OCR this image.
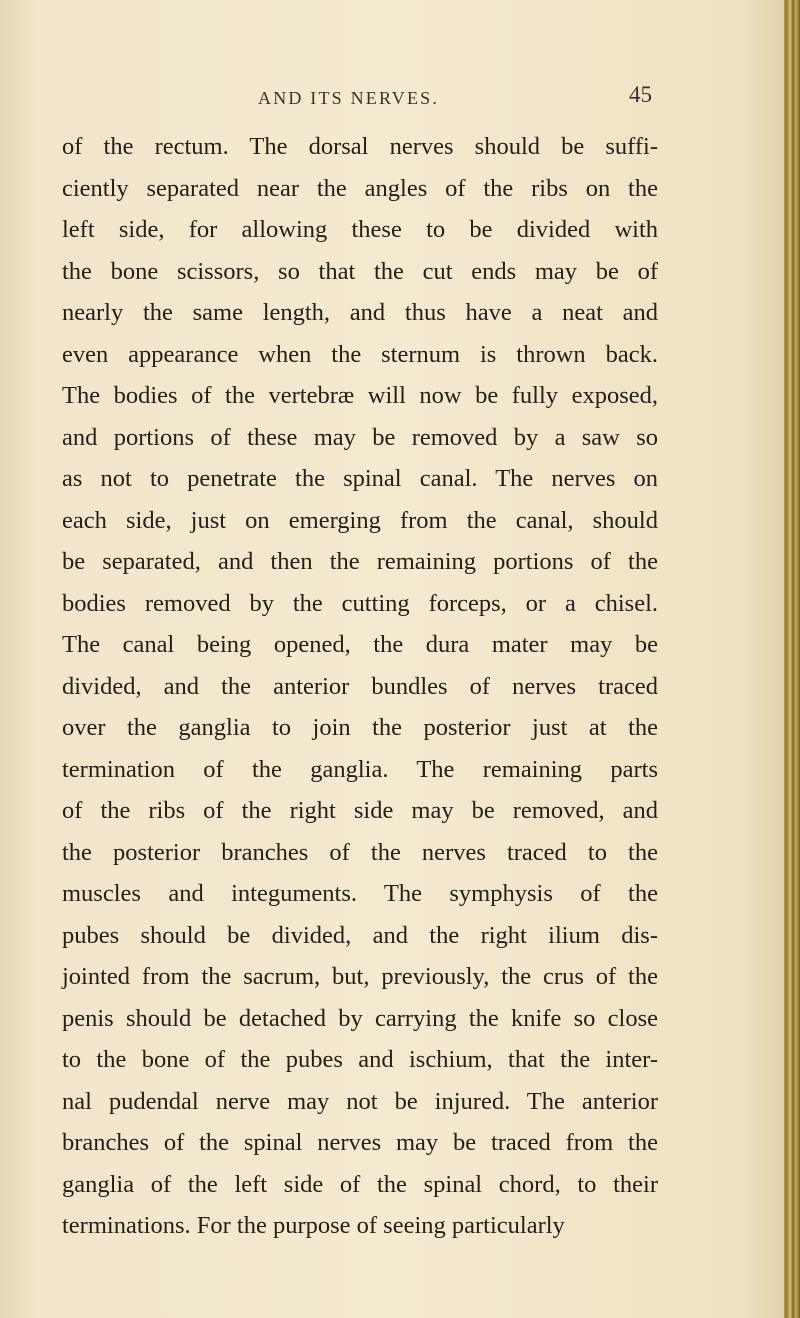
AND ITS NERVES.	45
of the rectum. The dorsal nerves should be suffi-
ciently separated near the angles of the ribs on the
left side, for allowing these to be divided with
the bone scissors, so that the cut ends may be of
nearly the same length, and thus have a neat and
even appearance when the sternum is thrown back.
The bodies of the vertebræ will now be fully exposed,
and portions of these may be removed by a saw so
as not to penetrate the spinal canal. The nerves on
each side, just on emerging from the canal, should
be separated, and then the remaining portions of the
bodies removed by the cutting forceps, or a chisel.
The canal being opened, the dura mater may be
divided, and the anterior bundles of nerves traced
over the ganglia to join the posterior just at the
termination of the ganglia. The remaining parts
of the ribs of the right side may be removed, and
the posterior branches of the nerves traced to the
muscles and integuments. The symphysis of the
pubes should be divided, and the right ilium dis-
jointed from the sacrum, but, previously, the crus of the
penis should be detached by carrying the knife so close
to the bone of the pubes and ischium, that the inter-
nal pudendal nerve may not be injured. The anterior
branches of the spinal nerves may be traced from the
ganglia of the left side of the spinal chord, to their
terminations. For the purpose of seeing particularly
